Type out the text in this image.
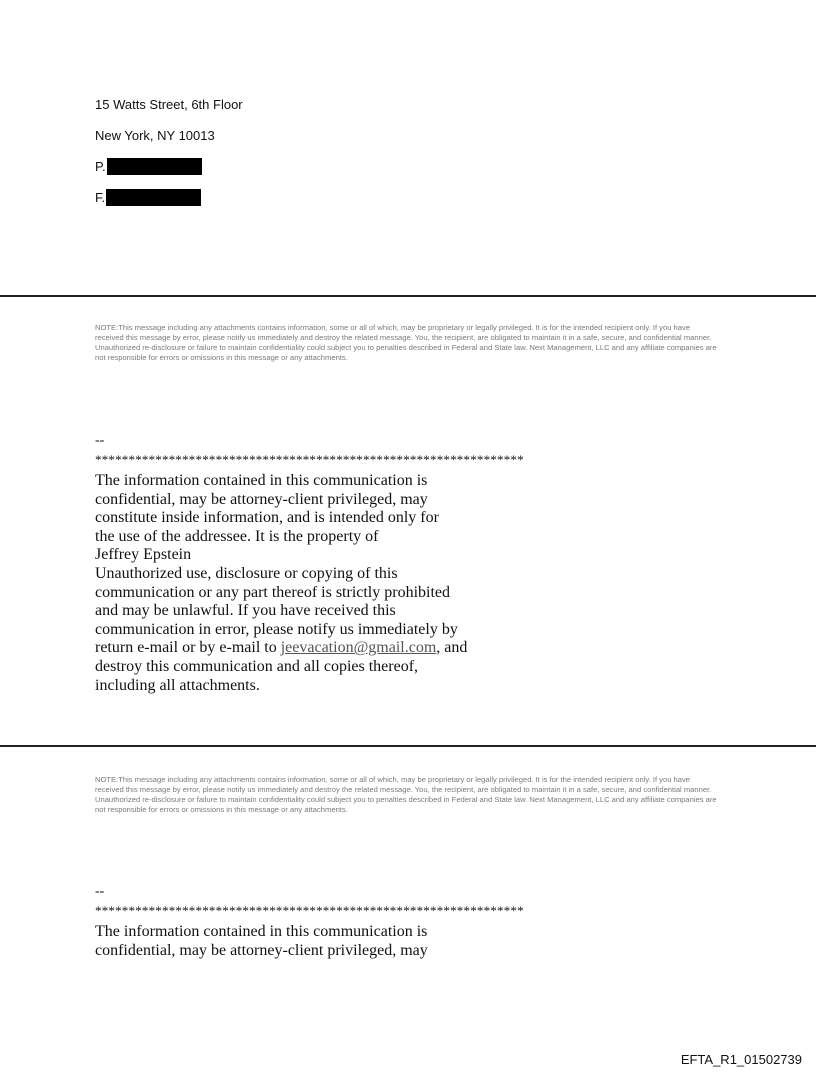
15 Watts Street, 6th Floor

New York, NY 10013

P.
F.

NOTE:This message including any attachments contains information, some or all of which, may be proprietary or legally privileged. It is for the intended recipient only. If you have received this message by error, please notify us immediately and destroy the related message. You, the recipient, are obligated to maintain it in a safe, secure, and confidential manner. Unauthorized re-disclosure or failure to maintain confidentiality could subject you to penalties described in Federal and State law. Next Management, LLC and any affiliate companies are not responsible for errors or omissions in this message or any attachments.

--
****************************************************************
The information contained in this communication is
confidential, may be attorney-client privileged, may
constitute inside information, and is intended only for
the use of the addressee. It is the property of
Jeffrey Epstein
Unauthorized use, disclosure or copying of this
communication or any part thereof is strictly prohibited
and may be unlawful. If you have received this
communication in error, please notify us immediately by
return e-mail or by e-mail to jeevacation@gmail.com, and
destroy this communication and all copies thereof,
including all attachments.

NOTE:This message including any attachments contains information, some or all of which, may be proprietary or legally privileged. It is for the intended recipient only. If you have received this message by error, please notify us immediately and destroy the related message. You, the recipient, are obligated to maintain it in a safe, secure, and confidential manner. Unauthorized re-disclosure or failure to maintain confidentiality could subject you to penalties described in Federal and State law. Next Management, LLC and any affiliate companies are not responsible for errors or omissions in this message or any attachments.

--
****************************************************************
The information contained in this communication is
confidential, may be attorney-client privileged, may
EFTA_R1_01502739
